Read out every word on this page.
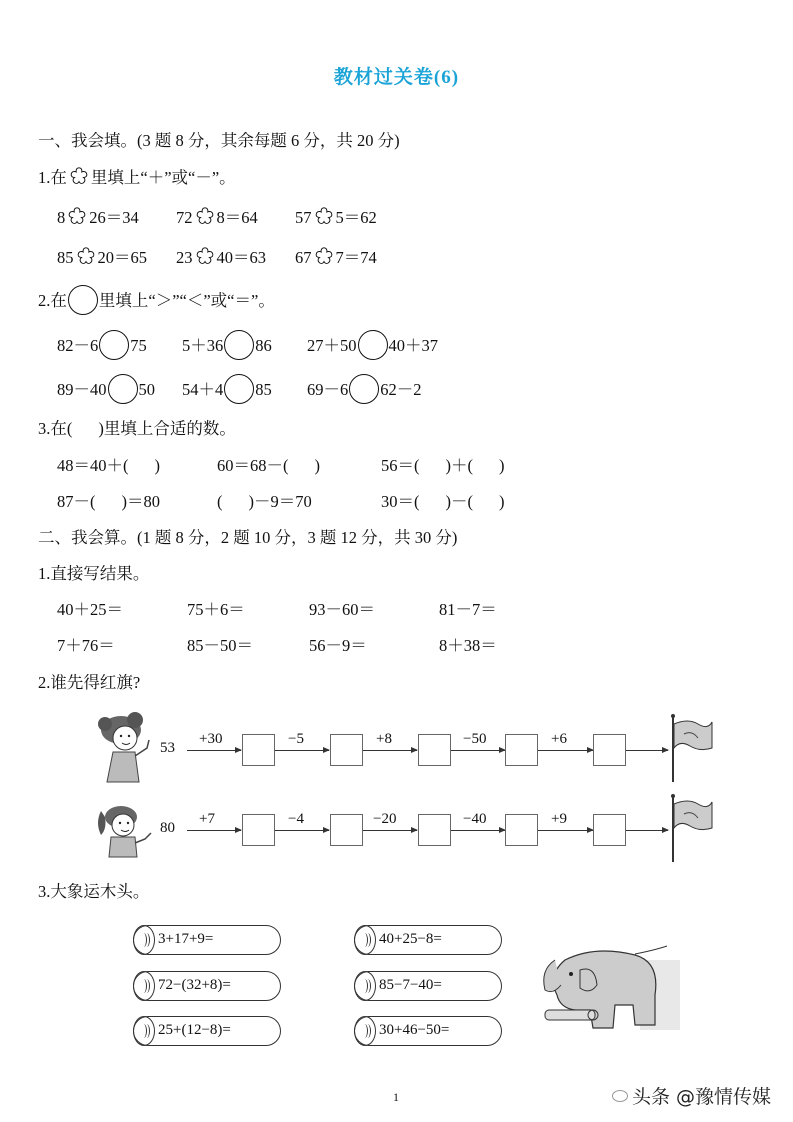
教材过关卷(6)
一、我会填。(3 题 8 分，其余每题 6 分，共 20 分)
1.在 里填上“＋”或“－”。
8 26＝34 72 8＝64 57 5＝62
85 20＝65 23 40＝63 67 7＝74
2.在 里填上“＞”“＜”或“＝”。
82－6 75 5＋36 86 27＋50 40＋37
89－40 50 54＋4 85 69－6 62－2
3.在( )里填上合适的数。
48＝40＋( )	60＝68－( )	56＝( )＋( )
87－( )＝80	( )－9＝70	30＝( )－( )
二、我会算。(1 题 8 分，2 题 10 分，3 题 12 分，共 30 分)
1.直接写结果。
40＋25＝	75＋6＝	93－60＝	81－7＝
7＋76＝	85－50＝	56－9＝	8＋38＝
2.谁先得红旗?
53
+30	−5	+8	−50	+6
80
+7	−4	−20	−40	+9
3.大象运木头。
3+17+9=
72−(32+8)=
25+(12−8)=
40+25−8=
85−7−40=
30+46−50=
1	头条 @豫情传媒
